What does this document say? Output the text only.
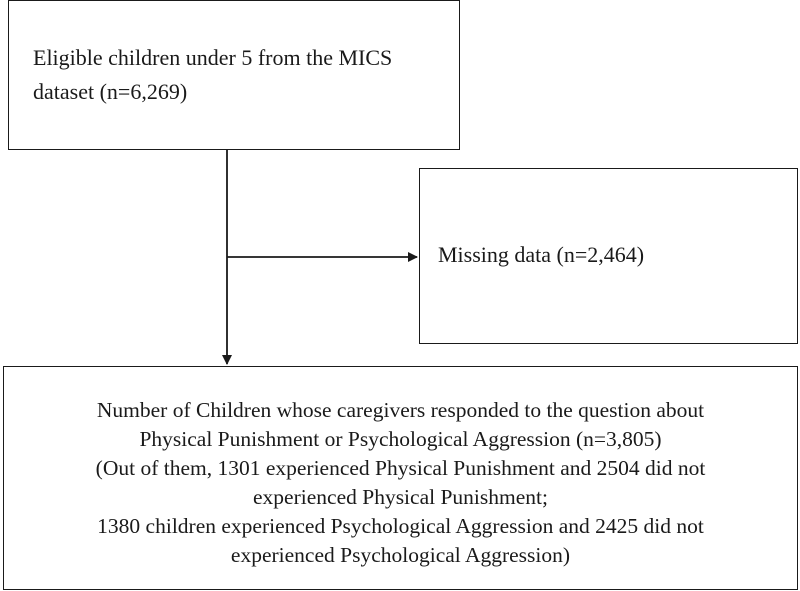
Eligible children under 5 from the MICS
dataset (n=6,269)
Missing data (n=2,464)
Number of Children whose caregivers responded to the question about
Physical Punishment or Psychological Aggression (n=3,805)
(Out of them, 1301 experienced Physical Punishment and 2504 did not
experienced Physical Punishment;
1380 children experienced Psychological Aggression and 2425 did not
experienced Psychological Aggression)
